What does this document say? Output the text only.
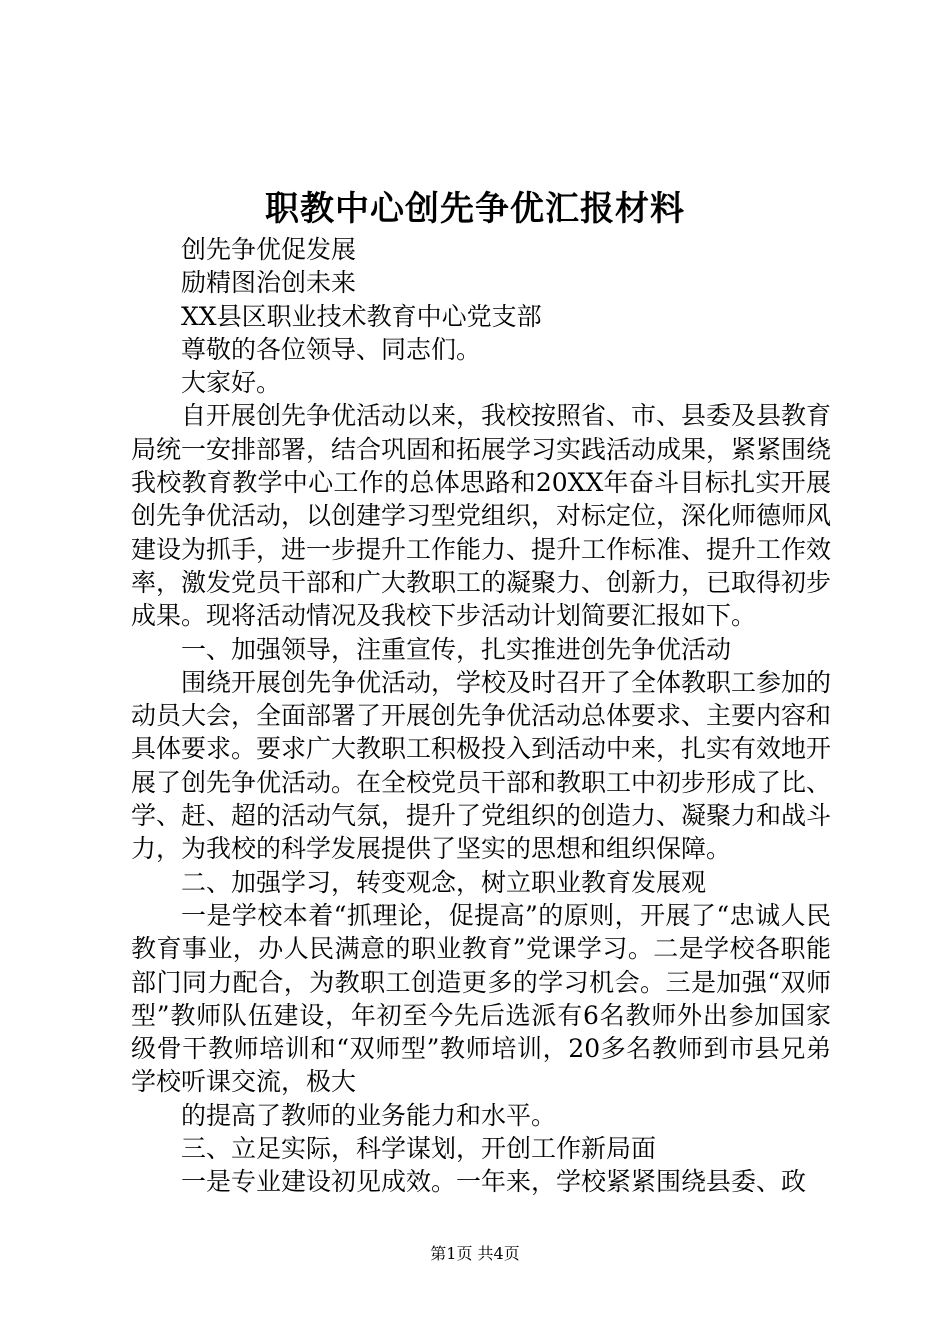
职教中心创先争优汇报材料

创先争优促发展

励精图治创未来

XX县区职业技术教育中心党支部

尊敬的各位领导、同志们。

大家好。

自开展创先争优活动以来，我校按照省、市、县委及县教育局统一安排部署，结合巩固和拓展学习实践活动成果，紧紧围绕我校教育教学中心工作的总体思路和20XX年奋斗目标扎实开展创先争优活动，以创建学习型党组织，对标定位，深化师德师风建设为抓手，进一步提升工作能力、提升工作标准、提升工作效率，激发党员干部和广大教职工的凝聚力、创新力，已取得初步成果。现将活动情况及我校下步活动计划简要汇报如下。

一、加强领导，注重宣传，扎实推进创先争优活动

围绕开展创先争优活动，学校及时召开了全体教职工参加的动员大会，全面部署了开展创先争优活动总体要求、主要内容和具体要求。要求广大教职工积极投入到活动中来，扎实有效地开展了创先争优活动。在全校党员干部和教职工中初步形成了比、学、赶、超的活动气氛，提升了党组织的创造力、凝聚力和战斗力，为我校的科学发展提供了坚实的思想和组织保障。

二、加强学习，转变观念，树立职业教育发展观

一是学校本着“抓理论，促提高”的原则，开展了“忠诚人民教育事业，办人民满意的职业教育”党课学习。二是学校各职能部门同力配合，为教职工创造更多的学习机会。三是加强“双师型”教师队伍建设，年初至今先后选派有6名教师外出参加国家级骨干教师培训和“双师型”教师培训，20多名教师到市县兄弟学校听课交流，极大

的提高了教师的业务能力和水平。

三、立足实际，科学谋划，开创工作新局面

一是专业建设初见成效。一年来，学校紧紧围绕县委、政

第1页 共4页
